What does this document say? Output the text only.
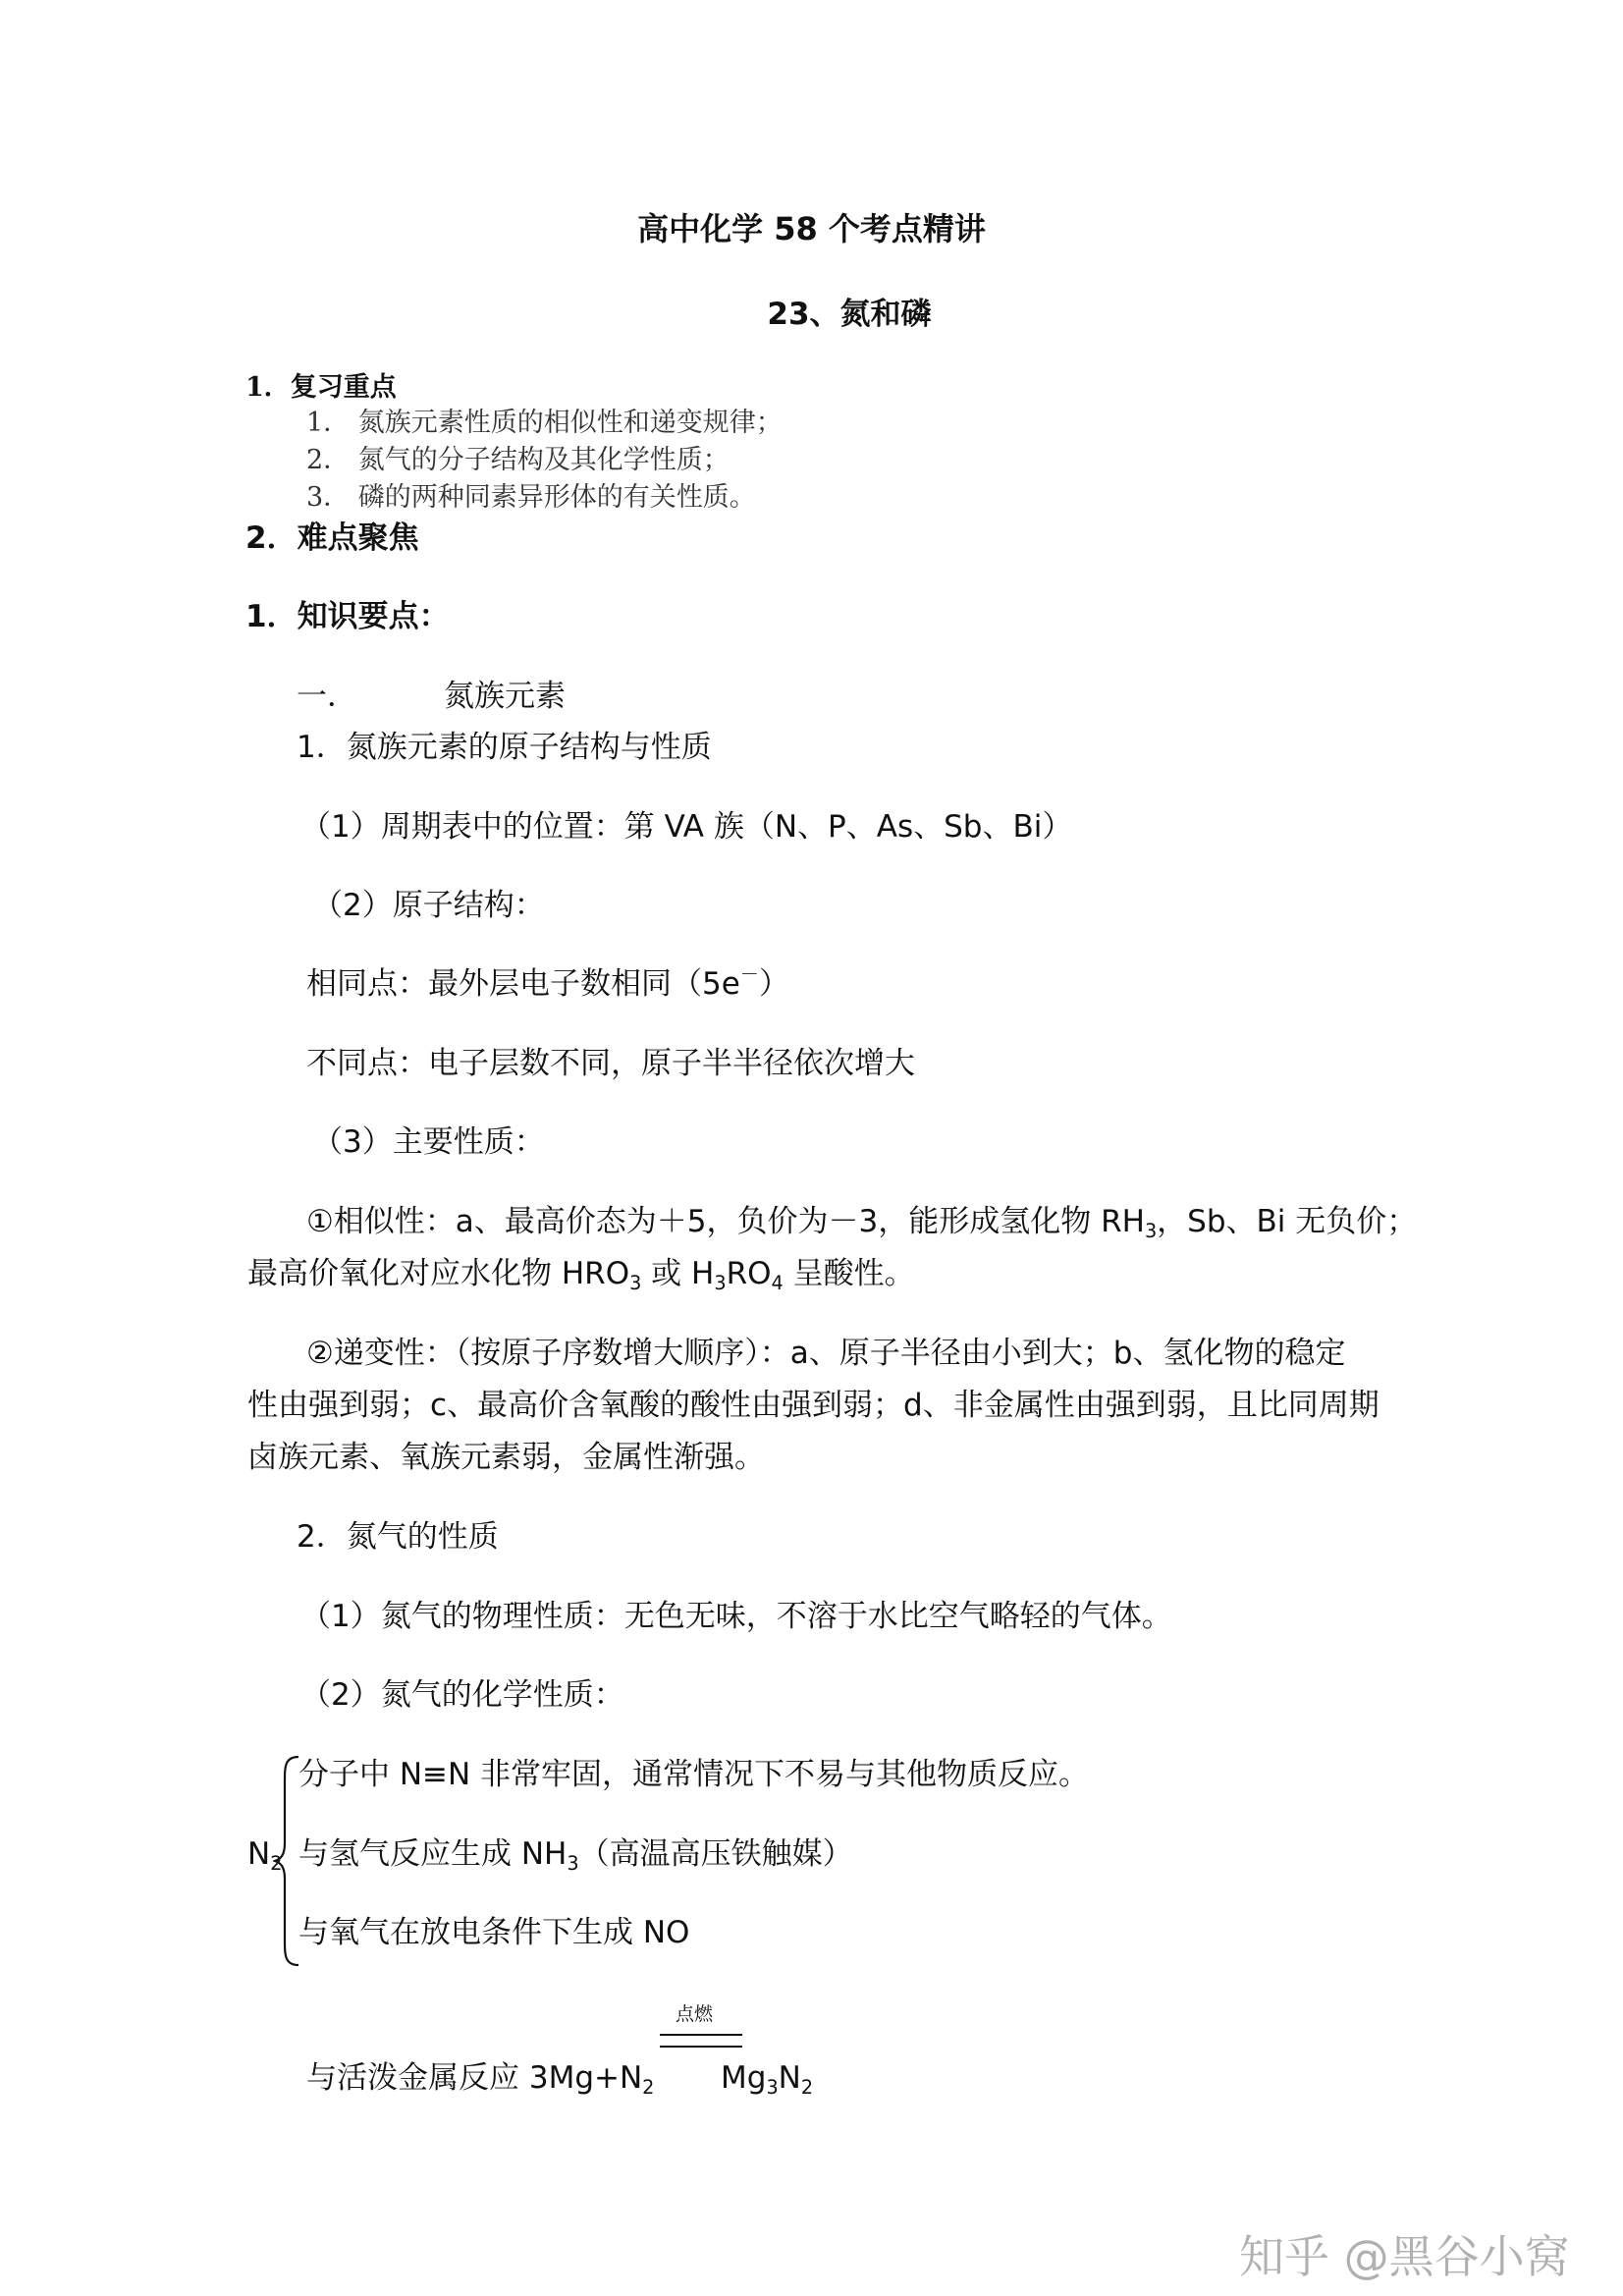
高中化学 58 个考点精讲
23、氮和磷
1．复习重点
1． 氮族元素性质的相似性和递变规律；
2． 氮气的分子结构及其化学性质；
3． 磷的两种同素异形体的有关性质。
2．难点聚焦
1．知识要点：
一．	氮族元素
1．氮族元素的原子结构与性质
（1）周期表中的位置：第 VA 族（N、P、As、Sb、Bi）
（2）原子结构：
相同点：最外层电子数相同（5e－）
不同点：电子层数不同，原子半半径依次增大
（3）主要性质：
①相似性：a、最高价态为＋5，负价为－3，能形成氢化物 $RH_3$，Sb、Bi 无负价；
最高价氧化对应水化物 $HRO_3$ 或 $H_3RO_4$ 呈酸性。
②递变性：（按原子序数增大顺序）：a、原子半径由小到大；b、氢化物的稳定
性由强到弱；c、最高价含氧酸的酸性由强到弱；d、非金属性由强到弱，且比同周期
卤族元素、氧族元素弱，金属性渐强。
2．氮气的性质
（1）氮气的物理性质：无色无味，不溶于水比空气略轻的气体。
（2）氮气的化学性质：
$N_2$
分子中 N≡N 非常牢固，通常情况下不易与其他物质反应。
与氢气反应生成 $NH_3$（高温高压铁触媒）
与氧气在放电条件下生成 NO
点燃
与活泼金属反应 $3Mg+N_2$ $Mg_3N_2$
知乎 @黑谷小窝
